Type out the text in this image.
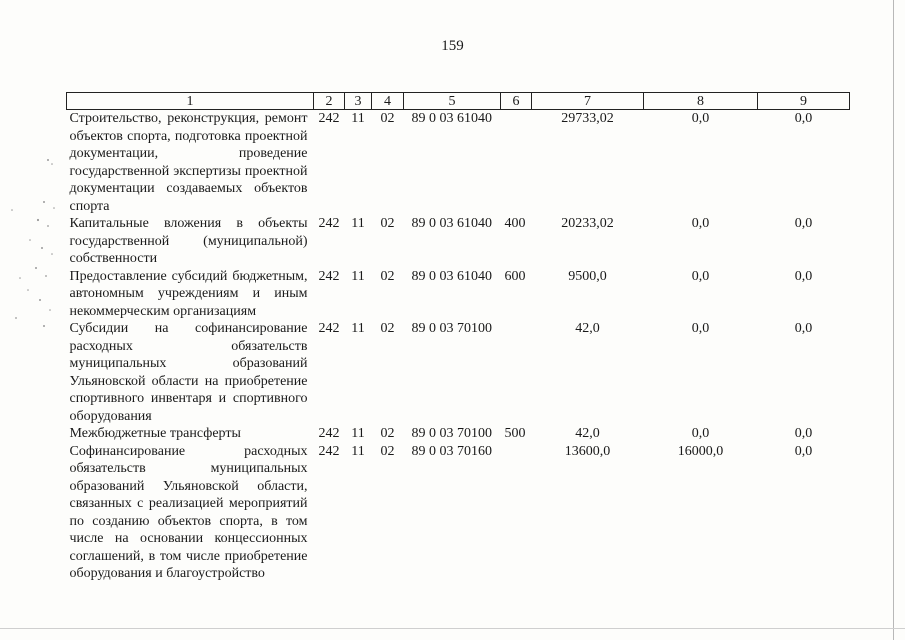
159
1	2	3	4	5	6	7	8	9
Строительство, реконструкция, ремонт объектов спорта, подготовка проектной документации, проведение государственной экспертизы проектной документации создаваемых объектов спорта	242	11	02	89 0 03 61040		29733,02	0,0	0,0
Капитальные вложения в объекты государственной (муниципальной) собственности	242	11	02	89 0 03 61040	400	20233,02	0,0	0,0
Предоставление субсидий бюджетным, автономным учреждениям и иным некоммерческим организациям	242	11	02	89 0 03 61040	600	9500,0	0,0	0,0
Субсидии на софинансирование расходных обязательств муниципальных образований Ульяновской области на приобретение спортивного инвентаря и спортивного оборудования	242	11	02	89 0 03 70100		42,0	0,0	0,0
Межбюджетные трансферты	242	11	02	89 0 03 70100	500	42,0	0,0	0,0
Софинансирование расходных обязательств муниципальных образований Ульяновской области, связанных с реализацией мероприятий по созданию объектов спорта, в том числе на основании концессионных соглашений, в том числе приобретение оборудования и благоустройство	242	11	02	89 0 03 70160		13600,0	16000,0	0,0
